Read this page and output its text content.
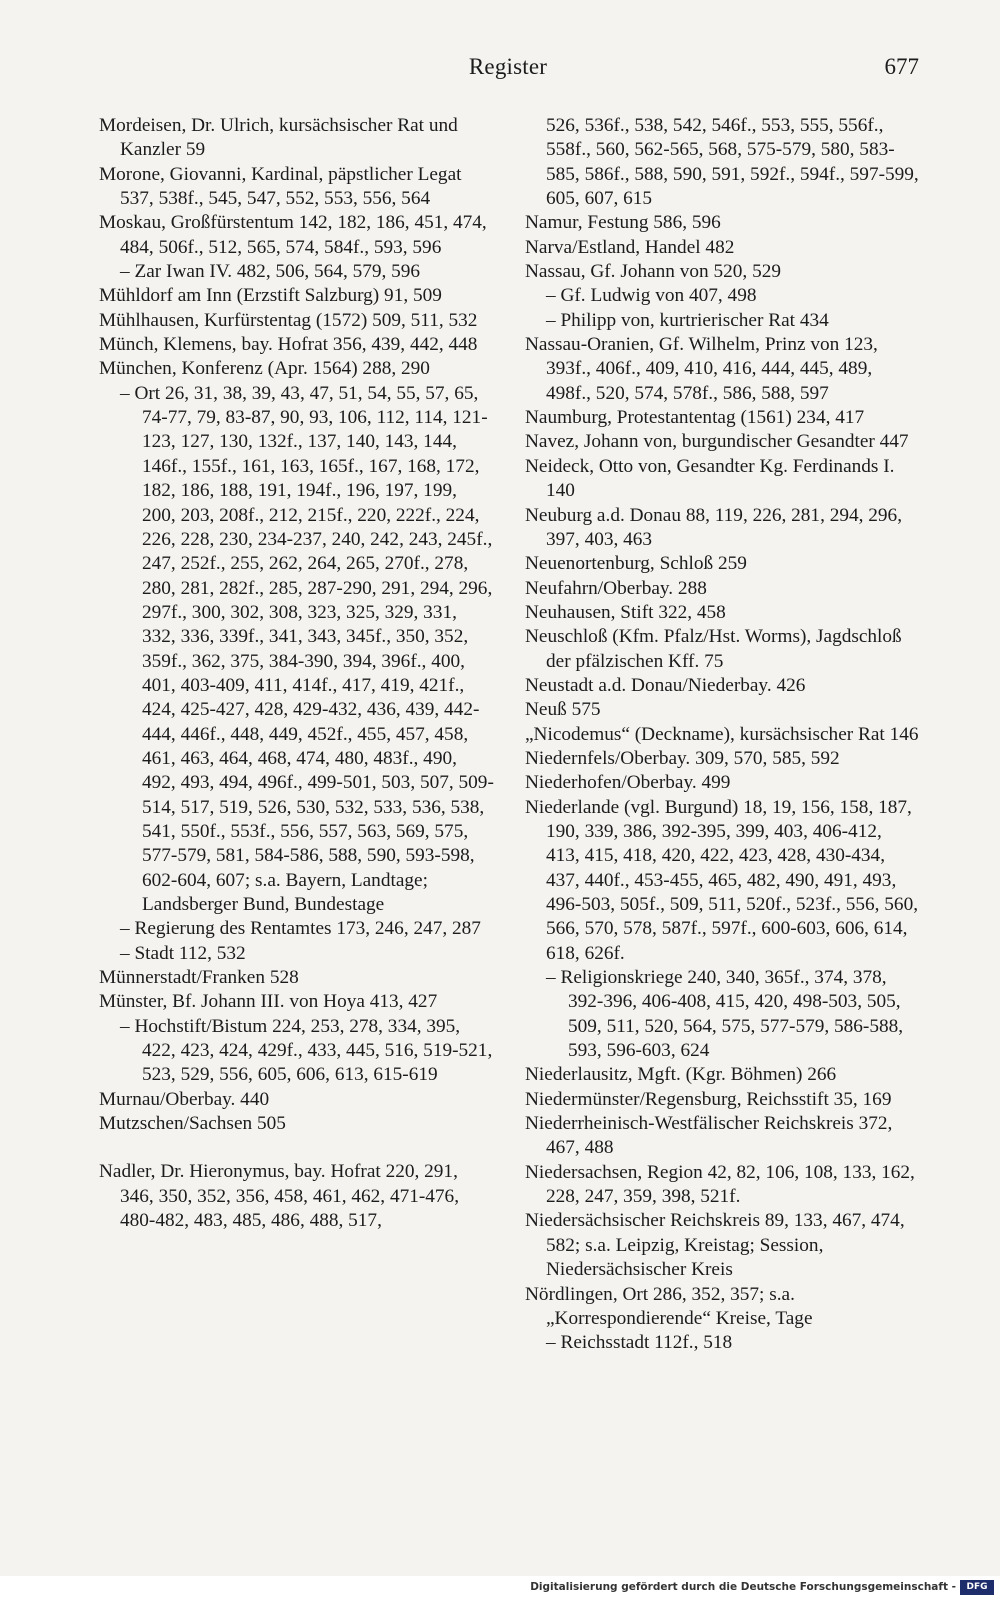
Register	677

Mordeisen, Dr. Ulrich, kursächsischer Rat und Kanzler 59

Morone, Giovanni, Kardinal, päpstlicher Legat 537, 538f., 545, 547, 552, 553, 556, 564

Moskau, Großfürstentum 142, 182, 186, 451, 474, 484, 506f., 512, 565, 574, 584f., 593, 596

– Zar Iwan IV. 482, 506, 564, 579, 596

Mühldorf am Inn (Erzstift Salzburg) 91, 509

Mühlhausen, Kurfürstentag (1572) 509, 511, 532

Münch, Klemens, bay. Hofrat 356, 439, 442, 448

München, Konferenz (Apr. 1564) 288, 290

– Ort 26, 31, 38, 39, 43, 47, 51, 54, 55, 57, 65, 74-77, 79, 83-87, 90, 93, 106, 112, 114, 121-123, 127, 130, 132f., 137, 140, 143, 144, 146f., 155f., 161, 163, 165f., 167, 168, 172, 182, 186, 188, 191, 194f., 196, 197, 199, 200, 203, 208f., 212, 215f., 220, 222f., 224, 226, 228, 230, 234-237, 240, 242, 243, 245f., 247, 252f., 255, 262, 264, 265, 270f., 278, 280, 281, 282f., 285, 287-290, 291, 294, 296, 297f., 300, 302, 308, 323, 325, 329, 331, 332, 336, 339f., 341, 343, 345f., 350, 352, 359f., 362, 375, 384-390, 394, 396f., 400, 401, 403-409, 411, 414f., 417, 419, 421f., 424, 425-427, 428, 429-432, 436, 439, 442-444, 446f., 448, 449, 452f., 455, 457, 458, 461, 463, 464, 468, 474, 480, 483f., 490, 492, 493, 494, 496f., 499-501, 503, 507, 509-514, 517, 519, 526, 530, 532, 533, 536, 538, 541, 550f., 553f., 556, 557, 563, 569, 575, 577-579, 581, 584-586, 588, 590, 593-598, 602-604, 607; s.a. Bayern, Landtage; Landsberger Bund, Bundestage

– Regierung des Rentamtes 173, 246, 247, 287

– Stadt 112, 532

Münnerstadt/Franken 528

Münster, Bf. Johann III. von Hoya 413, 427

– Hochstift/Bistum 224, 253, 278, 334, 395, 422, 423, 424, 429f., 433, 445, 516, 519-521, 523, 529, 556, 605, 606, 613, 615-619

Murnau/Oberbay. 440

Mutzschen/Sachsen 505

Nadler, Dr. Hieronymus, bay. Hofrat 220, 291, 346, 350, 352, 356, 458, 461, 462, 471-476, 480-482, 483, 485, 486, 488, 517,

526, 536f., 538, 542, 546f., 553, 555, 556f., 558f., 560, 562-565, 568, 575-579, 580, 583-585, 586f., 588, 590, 591, 592f., 594f., 597-599, 605, 607, 615

Namur, Festung 586, 596

Narva/Estland, Handel 482

Nassau, Gf. Johann von 520, 529

– Gf. Ludwig von 407, 498

– Philipp von, kurtrierischer Rat 434

Nassau-Oranien, Gf. Wilhelm, Prinz von 123, 393f., 406f., 409, 410, 416, 444, 445, 489, 498f., 520, 574, 578f., 586, 588, 597

Naumburg, Protestantentag (1561) 234, 417

Navez, Johann von, burgundischer Gesandter 447

Neideck, Otto von, Gesandter Kg. Ferdinands I. 140

Neuburg a.d. Donau 88, 119, 226, 281, 294, 296, 397, 403, 463

Neuenortenburg, Schloß 259

Neufahrn/Oberbay. 288

Neuhausen, Stift 322, 458

Neuschloß (Kfm. Pfalz/Hst. Worms), Jagdschloß der pfälzischen Kff. 75

Neustadt a.d. Donau/Niederbay. 426

Neuß 575

„Nicodemus“ (Deckname), kursächsischer Rat 146

Niedernfels/Oberbay. 309, 570, 585, 592

Niederhofen/Oberbay. 499

Niederlande (vgl. Burgund) 18, 19, 156, 158, 187, 190, 339, 386, 392-395, 399, 403, 406-412, 413, 415, 418, 420, 422, 423, 428, 430-434, 437, 440f., 453-455, 465, 482, 490, 491, 493, 496-503, 505f., 509, 511, 520f., 523f., 556, 560, 566, 570, 578, 587f., 597f., 600-603, 606, 614, 618, 626f.

– Religionskriege 240, 340, 365f., 374, 378, 392-396, 406-408, 415, 420, 498-503, 505, 509, 511, 520, 564, 575, 577-579, 586-588, 593, 596-603, 624

Niederlausitz, Mgft. (Kgr. Böhmen) 266

Niedermünster/Regensburg, Reichsstift 35, 169

Niederrheinisch-Westfälischer Reichskreis 372, 467, 488

Niedersachsen, Region 42, 82, 106, 108, 133, 162, 228, 247, 359, 398, 521f.

Niedersächsischer Reichskreis 89, 133, 467, 474, 582; s.a. Leipzig, Kreistag; Session, Niedersächsischer Kreis

Nördlingen, Ort 286, 352, 357; s.a. „Korrespondierende“ Kreise, Tage

– Reichsstadt 112f., 518

Digitalisierung gefördert durch die Deutsche Forschungsgemeinschaft -	DFG
